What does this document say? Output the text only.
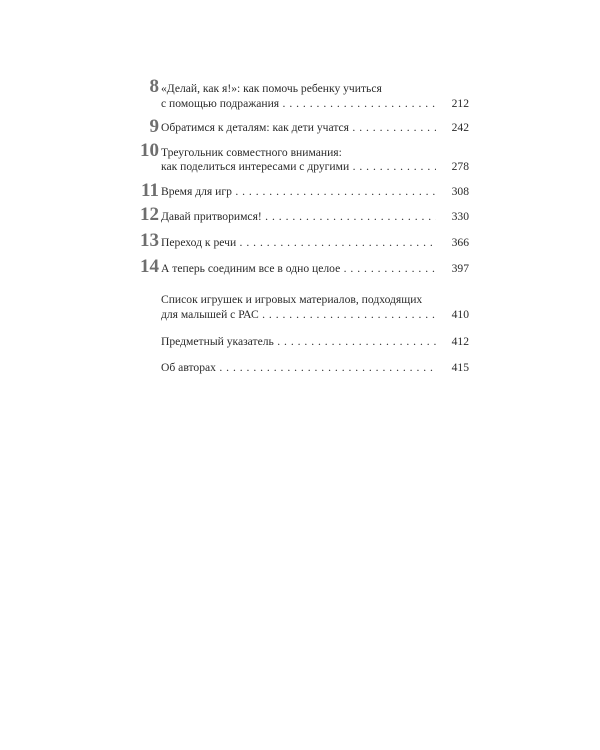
8 «Делай, как я!»: как помочь ребенку учиться
с помощью подражания . . .	212
9 Обратимся к деталям: как дети учатся . . .	242
10 Треугольник совместного внимания:
как поделиться интересами с другими . . .	278
11 Время для игр . . .	308
12 Давай притворимся! . . .	330
13 Переход к речи . . .	366
14 А теперь соединим все в одно целое . . .	397
Список игрушек и игровых материалов, подходящих
для малышей с РАС . . .	410
Предметный указатель . . .	412
Об авторах . . .	415
